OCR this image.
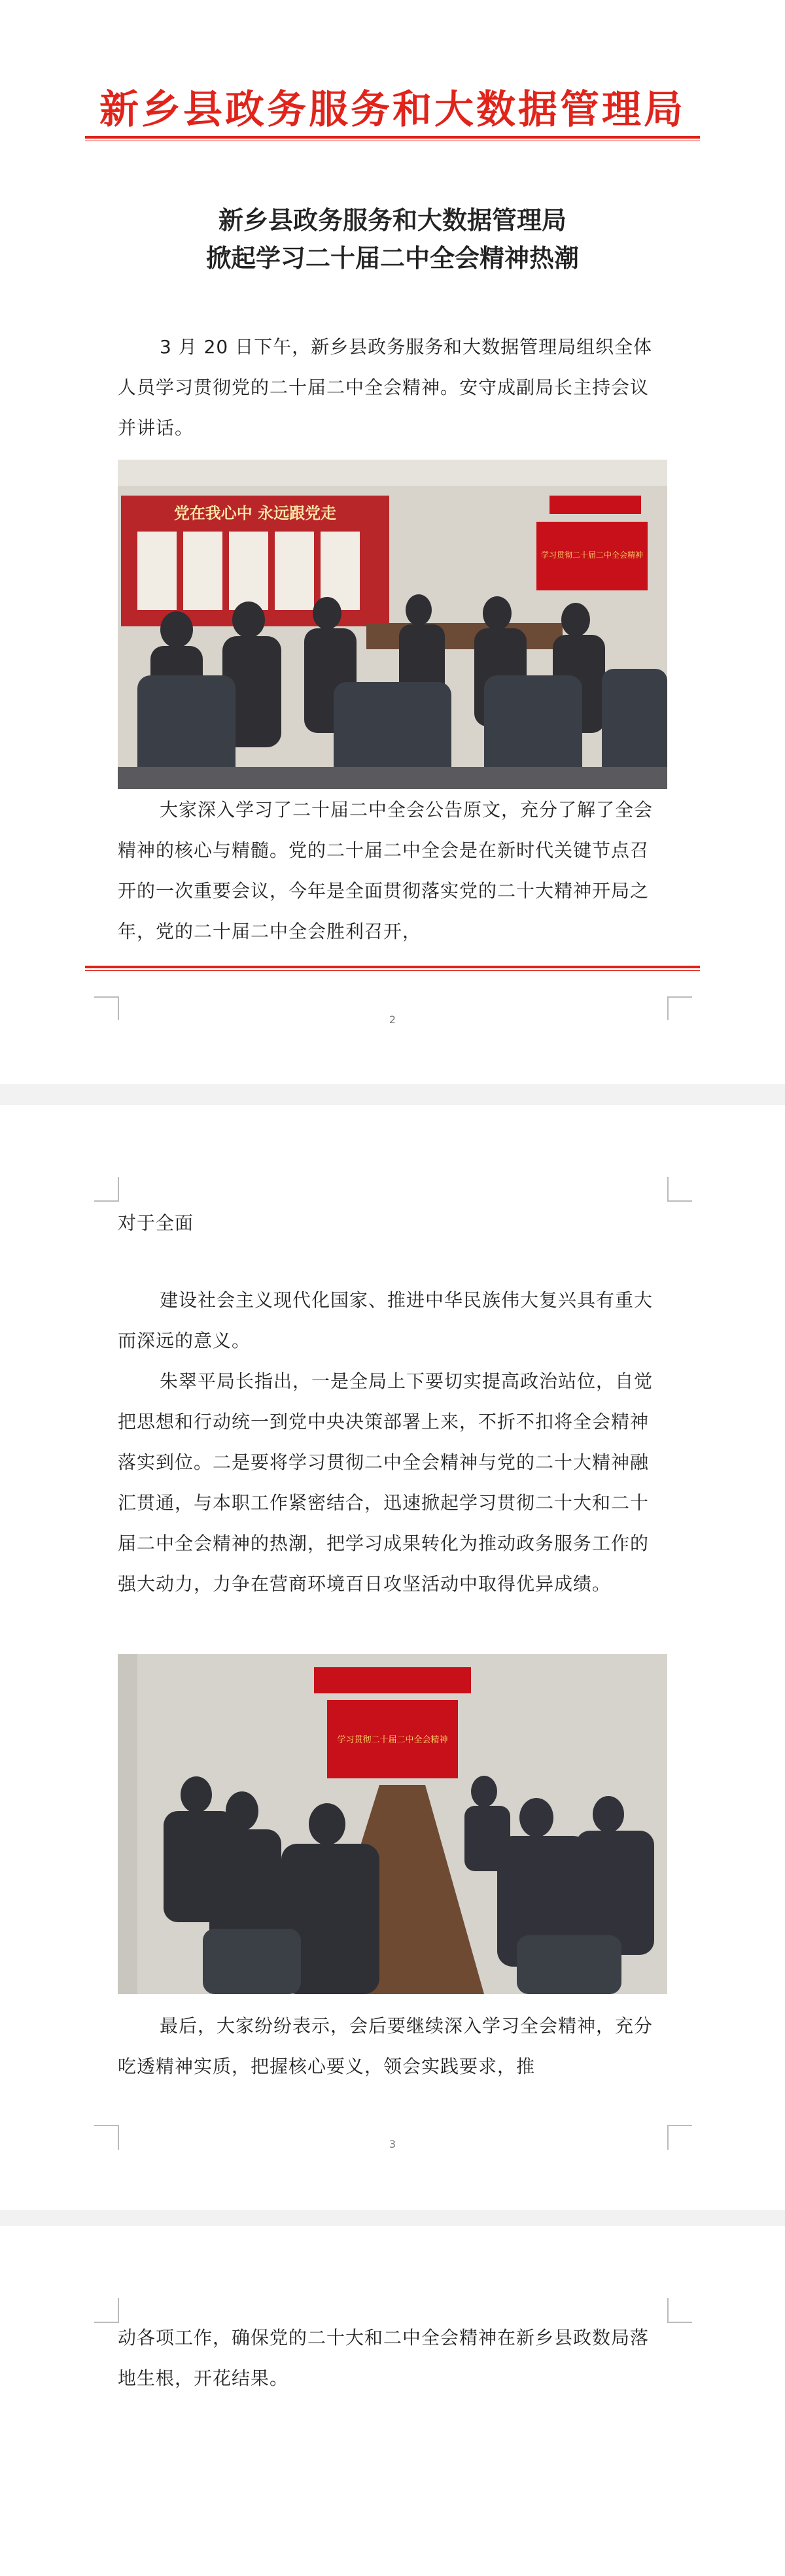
新乡县政务服务和大数据管理局
新乡县政务服务和大数据管理局
掀起学习二十届二中全会精神热潮
3 月 20 日下午，新乡县政务服务和大数据管理局组织全体人员学习贯彻党的二十届二中全会精神。安守成副局长主持会议并讲话。
党在我心中 永远跟党走
学习贯彻二十届二中全会精神
大家深入学习了二十届二中全会公告原文，充分了解了全会精神的核心与精髓。党的二十届二中全会是在新时代关键节点召开的一次重要会议，今年是全面贯彻落实党的二十大精神开局之年，党的二十届二中全会胜利召开，
2
对于全面
建设社会主义现代化国家、推进中华民族伟大复兴具有重大而深远的意义。
朱翠平局长指出，一是全局上下要切实提高政治站位，自觉把思想和行动统一到党中央决策部署上来，不折不扣将全会精神落实到位。二是要将学习贯彻二中全会精神与党的二十大精神融汇贯通，与本职工作紧密结合，迅速掀起学习贯彻二十大和二十届二中全会精神的热潮，把学习成果转化为推动政务服务工作的强大动力，力争在营商环境百日攻坚活动中取得优异成绩。
学习贯彻二十届二中全会精神
最后，大家纷纷表示，会后要继续深入学习全会精神，充分吃透精神实质，把握核心要义，领会实践要求，推
3
动各项工作，确保党的二十大和二中全会精神在新乡县政数局落地生根，开花结果。
